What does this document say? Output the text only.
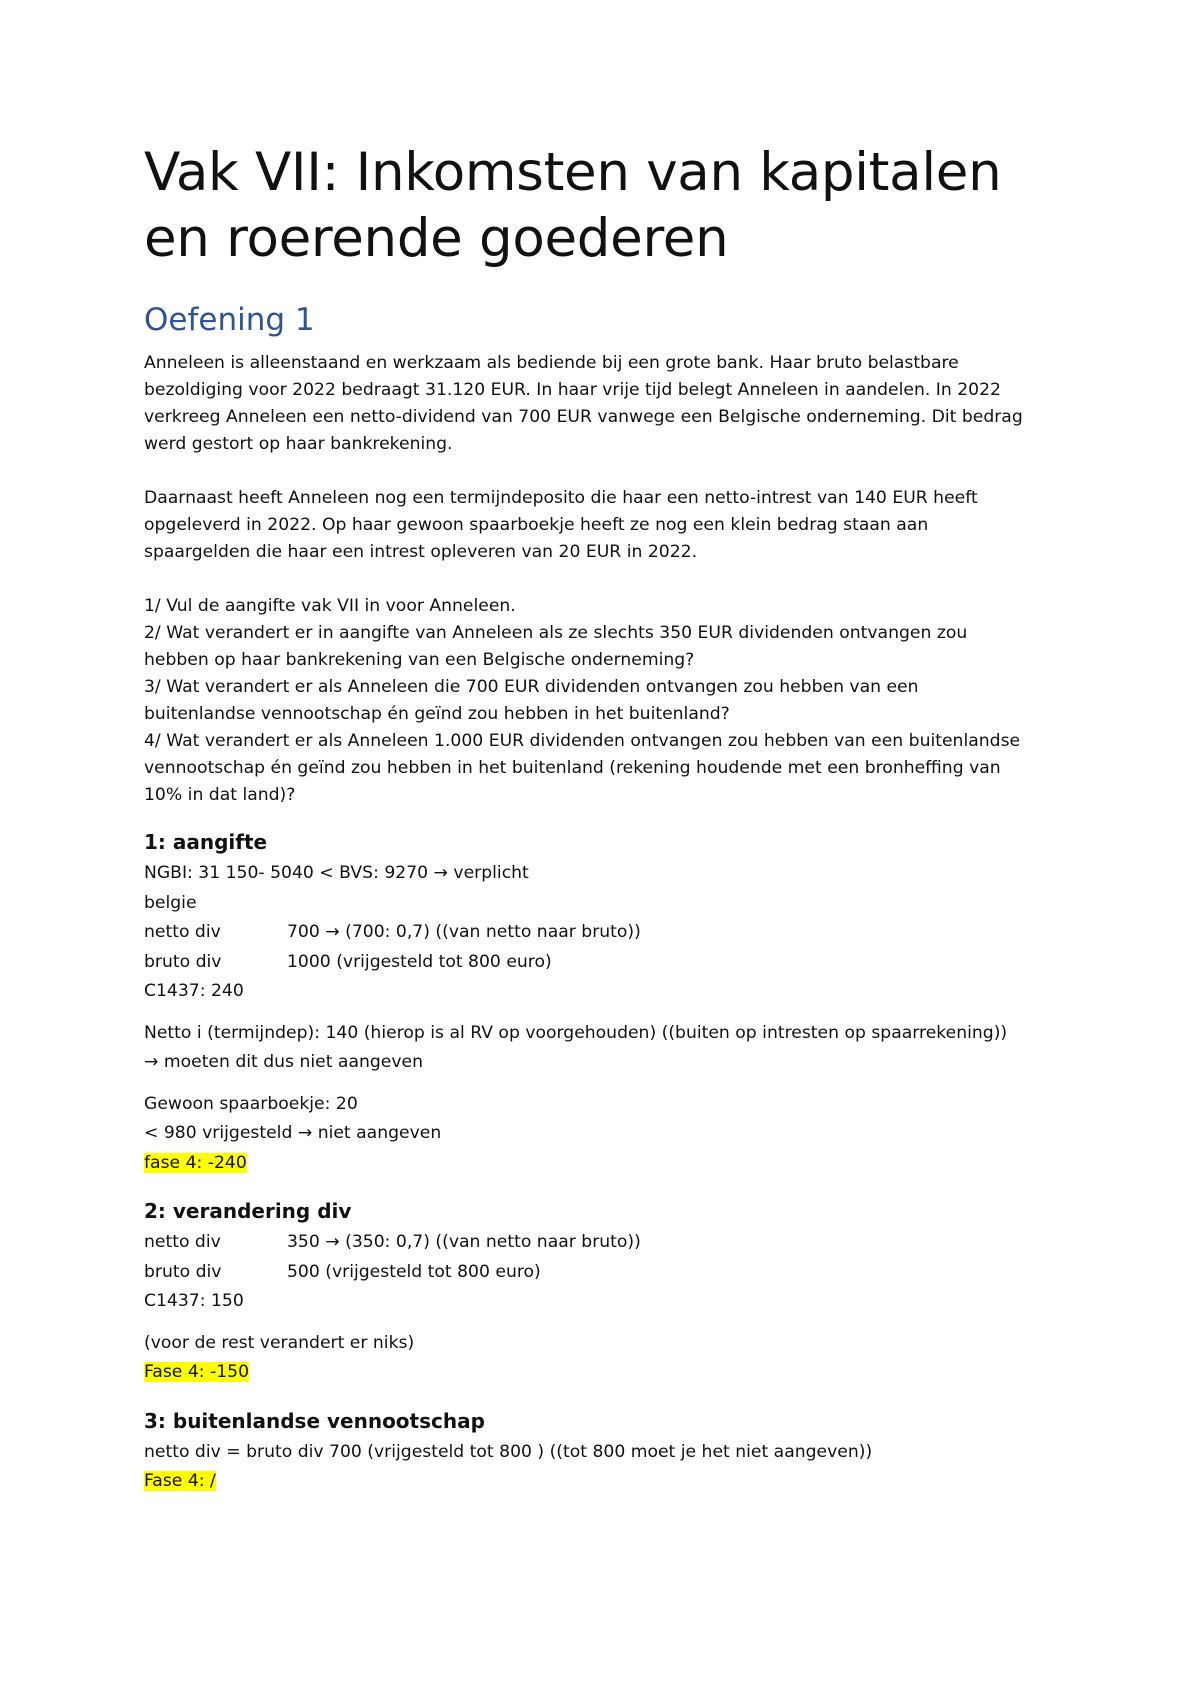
Vak VII: Inkomsten van kapitalen
en roerende goederen
Oefening 1

Anneleen is alleenstaand en werkzaam als bediende bij een grote bank. Haar bruto belastbare

bezoldiging voor 2022 bedraagt 31.120 EUR. In haar vrije tijd belegt Anneleen in aandelen. In 2022

verkreeg Anneleen een netto-dividend van 700 EUR vanwege een Belgische onderneming. Dit bedrag

werd gestort op haar bankrekening.

Daarnaast heeft Anneleen nog een termijndeposito die haar een netto-intrest van 140 EUR heeft

opgeleverd in 2022. Op haar gewoon spaarboekje heeft ze nog een klein bedrag staan aan

spaargelden die haar een intrest opleveren van 20 EUR in 2022.

1/ Vul de aangifte vak VII in voor Anneleen.

2/ Wat verandert er in aangifte van Anneleen als ze slechts 350 EUR dividenden ontvangen zou

hebben op haar bankrekening van een Belgische onderneming?

3/ Wat verandert er als Anneleen die 700 EUR dividenden ontvangen zou hebben van een

buitenlandse vennootschap én geïnd zou hebben in het buitenland?

4/ Wat verandert er als Anneleen 1.000 EUR dividenden ontvangen zou hebben van een buitenlandse

vennootschap én geïnd zou hebben in het buitenland (rekening houdende met een bronheffing van

10% in dat land)?

1: aangifte

NGBI: 31 150- 5040 < BVS: 9270 → verplicht

belgie

netto div	700 → (700: 0,7) ((van netto naar bruto))

bruto div	1000 (vrijgesteld tot 800 euro)

C1437: 240

Netto i (termijndep): 140 (hierop is al RV op voorgehouden) ((buiten op intresten op spaarrekening))

→ moeten dit dus niet aangeven

Gewoon spaarboekje: 20

< 980 vrijgesteld → niet aangeven

fase 4: -240

2: verandering div

netto div	350 → (350: 0,7) ((van netto naar bruto))

bruto div	500 (vrijgesteld tot 800 euro)

C1437: 150

(voor de rest verandert er niks)

Fase 4: -150

3: buitenlandse vennootschap

netto div = bruto div 700 (vrijgesteld tot 800 ) ((tot 800 moet je het niet aangeven))

Fase 4: /
